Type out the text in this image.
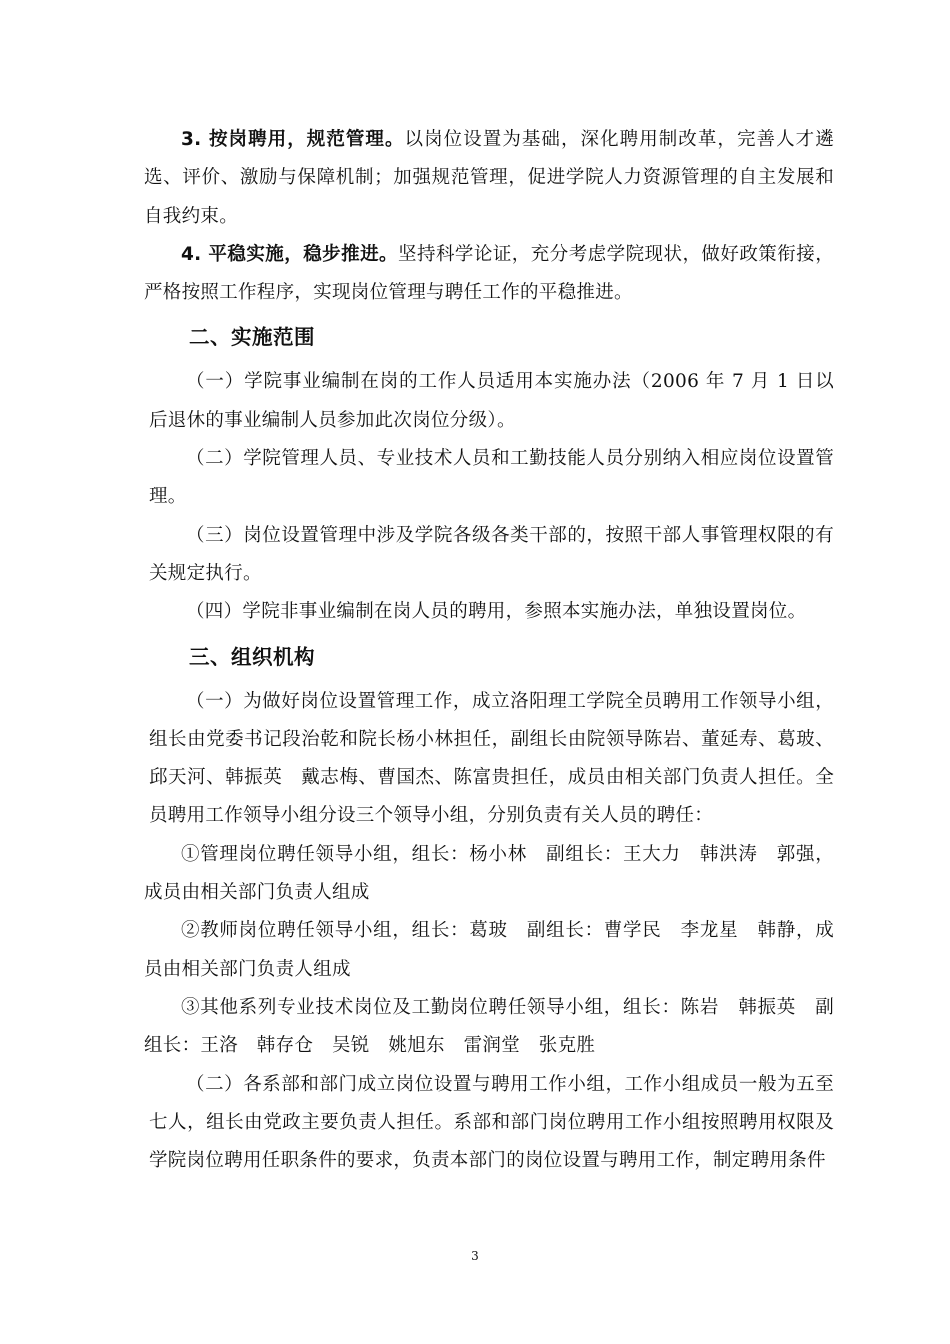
3. 按岗聘用，规范管理。以岗位设置为基础，深化聘用制改革，完善人才遴选、评价、激励与保障机制；加强规范管理，促进学院人力资源管理的自主发展和自我约束。

4. 平稳实施，稳步推进。坚持科学论证，充分考虑学院现状，做好政策衔接，严格按照工作程序，实现岗位管理与聘任工作的平稳推进。

二、实施范围

（一）学院事业编制在岗的工作人员适用本实施办法（2006 年 7 月 1 日以后退休的事业编制人员参加此次岗位分级）。

（二）学院管理人员、专业技术人员和工勤技能人员分别纳入相应岗位设置管理。

（三）岗位设置管理中涉及学院各级各类干部的，按照干部人事管理权限的有关规定执行。

（四）学院非事业编制在岗人员的聘用，参照本实施办法，单独设置岗位。

三、组织机构

（一）为做好岗位设置管理工作，成立洛阳理工学院全员聘用工作领导小组，组长由党委书记段治乾和院长杨小林担任，副组长由院领导陈岩、董延寿、葛玻、邱天河、韩振英　戴志梅、曹国杰、陈富贵担任，成员由相关部门负责人担任。全员聘用工作领导小组分设三个领导小组，分别负责有关人员的聘任：

①管理岗位聘任领导小组，组长：杨小林　副组长：王大力　韩洪涛　郭强，成员由相关部门负责人组成

②教师岗位聘任领导小组，组长：葛玻　副组长：曹学民　李龙星　韩静，成员由相关部门负责人组成

③其他系列专业技术岗位及工勤岗位聘任领导小组，组长：陈岩　韩振英　副组长：王洛　韩存仓　吴锐　姚旭东　雷润堂　张克胜

（二）各系部和部门成立岗位设置与聘用工作小组，工作小组成员一般为五至七人，组长由党政主要负责人担任。系部和部门岗位聘用工作小组按照聘用权限及学院岗位聘用任职条件的要求，负责本部门的岗位设置与聘用工作，制定聘用条件

3
